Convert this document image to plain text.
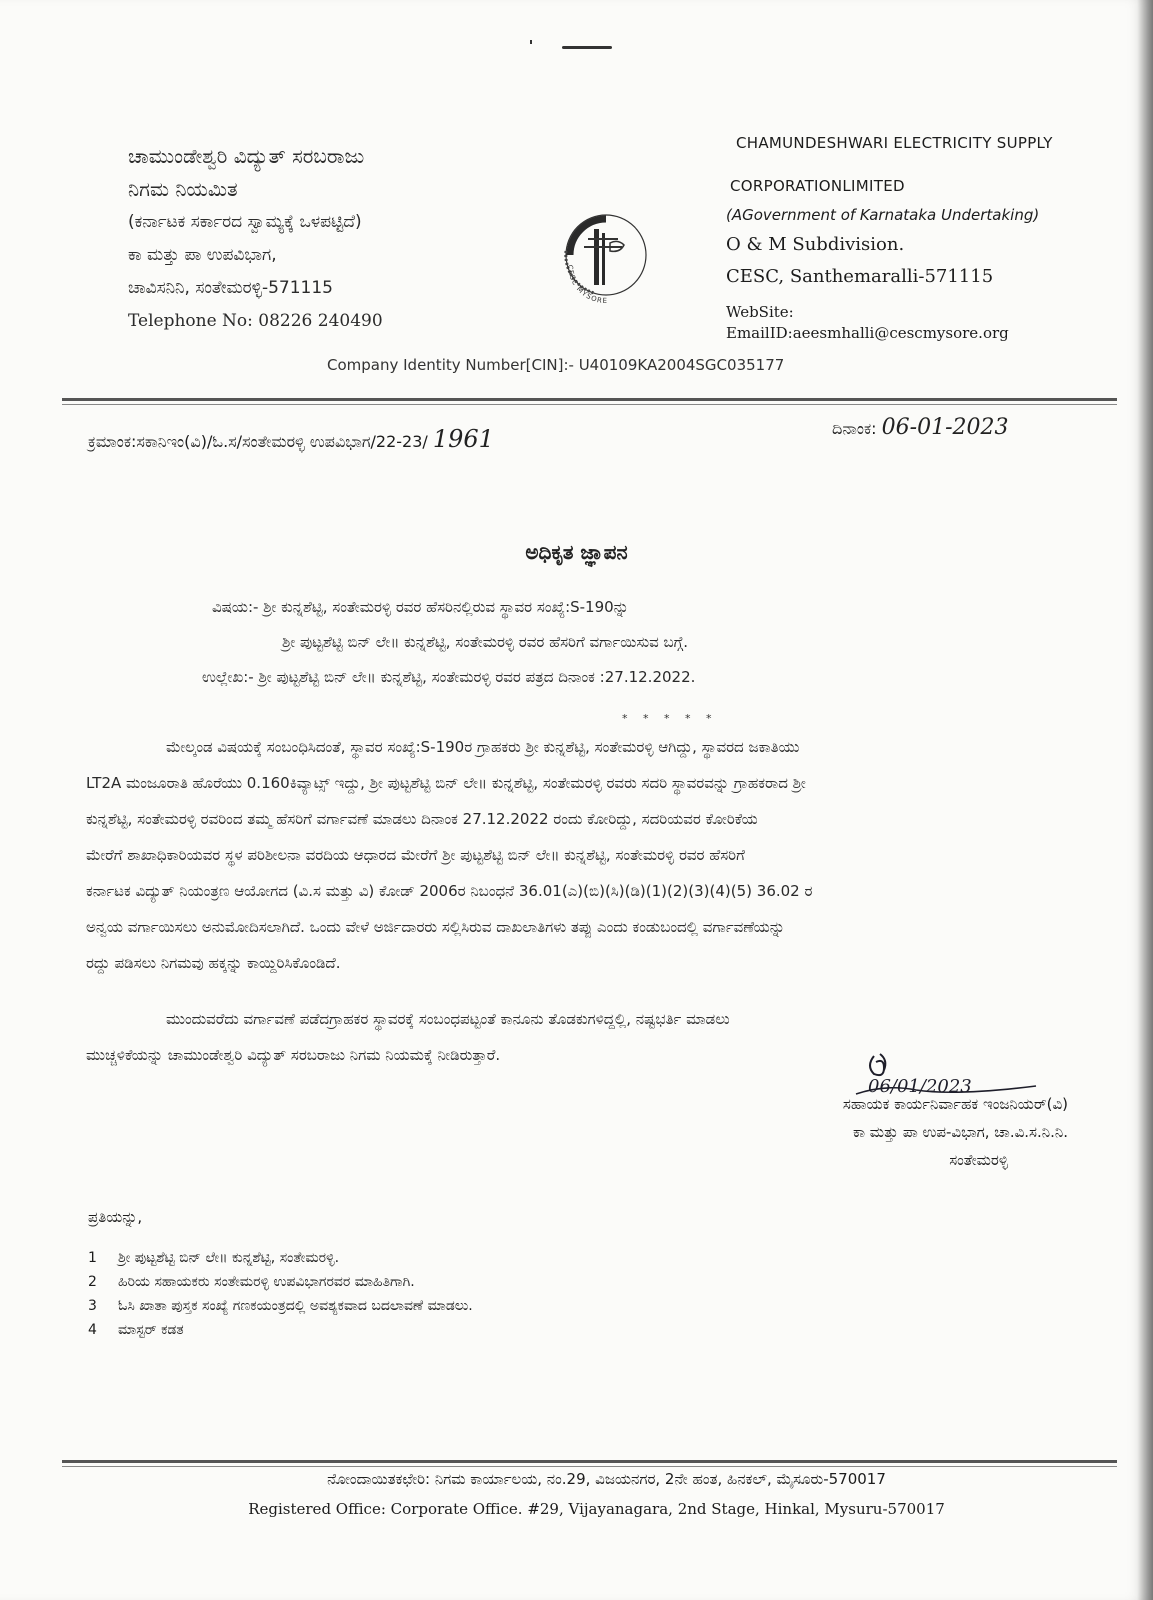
ಚಾಮುಂಡೇಶ್ವರಿ ವಿದ್ಯುತ್ ಸರಬರಾಜು
ನಿಗಮ ನಿಯಮಿತ
(ಕರ್ನಾಟಕ ಸರ್ಕಾರದ ಸ್ವಾಮ್ಯಕ್ಕೆ ಒಳಪಟ್ಟಿದೆ)
ಕಾ ಮತ್ತು ಪಾ ಉಪವಿಭಾಗ,
ಚಾವಿಸನಿನಿ, ಸಂತೇಮರಳ್ಳಿ-571115
Telephone No: 08226 240490
CESC MYSORE
CHAMUNDESHWARI ELECTRICITY SUPPLY
CORPORATIONLIMITED
(AGovernment of Karnataka Undertaking)
O & M Subdivision.
CESC, Santhemaralli-571115
WebSite:
EmailID:aeesmhalli@cescmysore.org
Company Identity Number[CIN]:- U40109KA2004SGC035177
ಕ್ರಮಾಂಕ:ಸಕಾನಿಇಂ(ವಿ)/ಓ.ಸ/ಸಂತೇಮರಳ್ಳಿ ಉಪವಿಭಾಗ/22-23/ 1961	ದಿನಾಂಕ: 06-01-2023
ಅಧಿಕೃತ ಜ್ಞಾಪನ
ವಿಷಯ:- ಶ್ರೀ ಕುನ್ನಶೆಟ್ಟಿ, ಸಂತೇಮರಳ್ಳಿ ರವರ ಹೆಸರಿನಲ್ಲಿರುವ ಸ್ಥಾವರ ಸಂಖ್ಯೆ:S-190ನ್ನು
ಶ್ರೀ ಪುಟ್ಟಶೆಟ್ಟಿ ಬಿನ್ ಲೇ॥ ಕುನ್ನಶೆಟ್ಟಿ, ಸಂತೇಮರಳ್ಳಿ ರವರ ಹೆಸರಿಗೆ ವರ್ಗಾಯಿಸುವ ಬಗ್ಗೆ.
ಉಲ್ಲೇಖ:- ಶ್ರೀ ಪುಟ್ಟಶೆಟ್ಟಿ ಬಿನ್ ಲೇ॥ ಕುನ್ನಶೆಟ್ಟಿ, ಸಂತೇಮರಳ್ಳಿ ರವರ ಪತ್ರದ ದಿನಾಂಕ :27.12.2022.
* * * * *
ಮೇಲ್ಕಂಡ ವಿಷಯಕ್ಕೆ ಸಂಬಂಧಿಸಿದಂತೆ, ಸ್ಥಾವರ ಸಂಖ್ಯೆ:S-190ರ ಗ್ರಾಹಕರು ಶ್ರೀ ಕುನ್ನಶೆಟ್ಟಿ, ಸಂತೇಮರಳ್ಳಿ ಆಗಿದ್ದು, ಸ್ಥಾವರದ ಜಕಾತಿಯು
LT2A ಮಂಜೂರಾತಿ ಹೊರೆಯು 0.160ಕಿವ್ಯಾಟ್ಸ್ ಇದ್ದು, ಶ್ರೀ ಪುಟ್ಟಶೆಟ್ಟಿ ಬಿನ್ ಲೇ॥ ಕುನ್ನಶೆಟ್ಟಿ, ಸಂತೇಮರಳ್ಳಿ ರವರು ಸದರಿ ಸ್ಥಾವರವನ್ನು ಗ್ರಾಹಕರಾದ ಶ್ರೀ
ಕುನ್ನಶೆಟ್ಟಿ, ಸಂತೇಮರಳ್ಳಿ ರವರಿಂದ ತಮ್ಮ ಹೆಸರಿಗೆ ವರ್ಗಾವಣೆ ಮಾಡಲು ದಿನಾಂಕ 27.12.2022 ರಂದು ಕೋರಿದ್ದು, ಸದರಿಯವರ ಕೋರಿಕೆಯ
ಮೇರೆಗೆ ಶಾಖಾಧಿಕಾರಿಯವರ ಸ್ಥಳ ಪರಿಶೀಲನಾ ವರದಿಯ ಆಧಾರದ ಮೇರೆಗೆ ಶ್ರೀ ಪುಟ್ಟಶೆಟ್ಟಿ ಬಿನ್ ಲೇ॥ ಕುನ್ನಶೆಟ್ಟಿ, ಸಂತೇಮರಳ್ಳಿ ರವರ ಹೆಸರಿಗೆ
ಕರ್ನಾಟಕ ವಿದ್ಯುತ್ ನಿಯಂತ್ರಣ ಆಯೋಗದ (ವಿ.ಸ ಮತ್ತು ವಿ) ಕೋಡ್ 2006ರ ನಿಬಂಧನೆ 36.01(ಎ)(ಬಿ)(ಸಿ)(ಡಿ)(1)(2)(3)(4)(5) 36.02 ರ
ಅನ್ವಯ ವರ್ಗಾಯಿಸಲು ಅನುಮೋದಿಸಲಾಗಿದೆ. ಒಂದು ವೇಳೆ ಅರ್ಜಿದಾರರು ಸಲ್ಲಿಸಿರುವ ದಾಖಲಾತಿಗಳು ತಪ್ಪು ಎಂದು ಕಂಡುಬಂದಲ್ಲಿ ವರ್ಗಾವಣೆಯನ್ನು
ರದ್ದು ಪಡಿಸಲು ನಿಗಮವು ಹಕ್ಕನ್ನು ಕಾಯ್ದಿರಿಸಿಕೊಂಡಿದೆ.
ಮುಂದುವರೆದು ವರ್ಗಾವಣೆ ಪಡೆದಗ್ರಾಹಕರ ಸ್ಥಾವರಕ್ಕೆ ಸಂಬಂಧಪಟ್ಟಂತೆ ಕಾನೂನು ತೊಡಕುಗಳಿದ್ದಲ್ಲಿ, ನಷ್ಟಭರ್ತಿ ಮಾಡಲು
ಮುಚ್ಚಳಿಕೆಯನ್ನು ಚಾಮುಂಡೇಶ್ವರಿ ವಿದ್ಯುತ್ ಸರಬರಾಜು ನಿಗಮ ನಿಯಮಕ್ಕೆ ನೀಡಿರುತ್ತಾರೆ.
06/01/2023
ಸಹಾಯಕ ಕಾರ್ಯನಿರ್ವಾಹಕ ಇಂಜನಿಯರ್(ವಿ)
ಕಾ ಮತ್ತು ಪಾ ಉಪ-ವಿಭಾಗ, ಚಾ.ವಿ.ಸ.ನಿ.ನಿ.
ಸಂತೇಮರಳ್ಳಿ
ಪ್ರತಿಯನ್ನು,
1 ಶ್ರೀ ಪುಟ್ಟಶೆಟ್ಟಿ ಬಿನ್ ಲೇ॥ ಕುನ್ನಶೆಟ್ಟಿ, ಸಂತೇಮರಳ್ಳಿ.
2 ಹಿರಿಯ ಸಹಾಯಕರು ಸಂತೇಮರಳ್ಳಿ ಉಪವಿಭಾಗರವರ ಮಾಹಿತಿಗಾಗಿ.
3 ಓಸಿ ಖಾತಾ ಪುಸ್ತಕ ಸಂಖ್ಯೆ ಗಣಕಯಂತ್ರದಲ್ಲಿ ಅವಶ್ಯಕವಾದ ಬದಲಾವಣೆ ಮಾಡಲು.
4 ಮಾಸ್ಟರ್ ಕಡತ
ನೋಂದಾಯಿತಕಛೇರಿ: ನಿಗಮ ಕಾರ್ಯಾಲಯ, ನಂ.29, ವಿಜಯನಗರ, 2ನೇ ಹಂತ, ಹಿನಕಲ್, ಮೈಸೂರು-570017
Registered Office: Corporate Office. #29, Vijayanagara, 2nd Stage, Hinkal, Mysuru-570017
